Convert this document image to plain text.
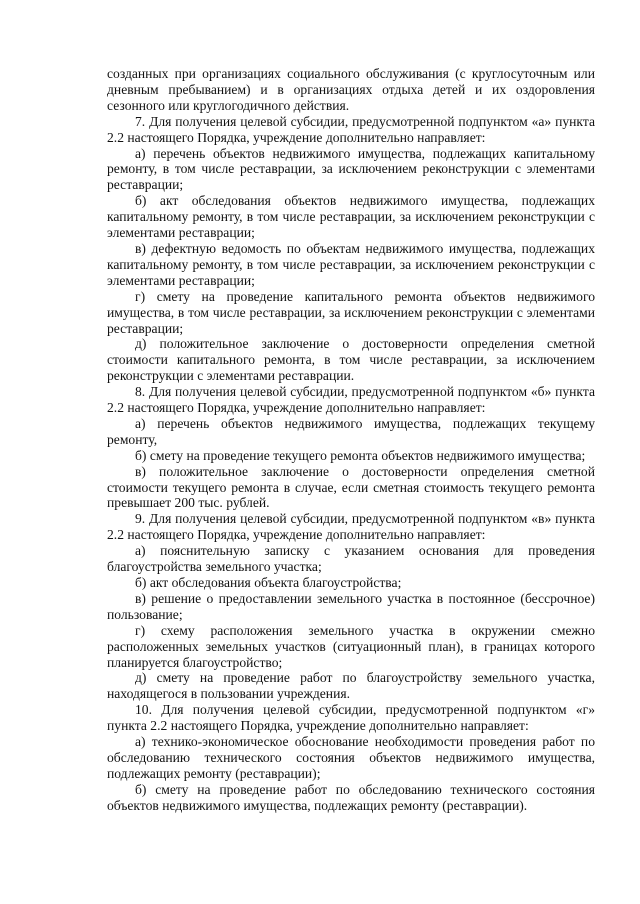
созданных при организациях социального обслуживания (с круглосуточным или дневным пребыванием) и в организациях отдыха детей и их оздоровления сезонного или круглогодичного действия.

7. Для получения целевой субсидии, предусмотренной подпунктом «а» пункта 2.2 настоящего Порядка, учреждение дополнительно направляет:

а) перечень объектов недвижимого имущества, подлежащих капитальному ремонту, в том числе реставрации, за исключением реконструкции с элементами реставрации;

б) акт обследования объектов недвижимого имущества, подлежащих капитальному ремонту, в том числе реставрации, за исключением реконструкции с элементами реставрации;

в) дефектную ведомость по объектам недвижимого имущества, подлежащих капитальному ремонту, в том числе реставрации, за исключением реконструкции с элементами реставрации;

г) смету на проведение капитального ремонта объектов недвижимого имущества, в том числе реставрации, за исключением реконструкции с элементами реставрации;

д) положительное заключение о достоверности определения сметной стоимости капитального ремонта, в том числе реставрации, за исключением реконструкции с элементами реставрации.

8. Для получения целевой субсидии, предусмотренной подпунктом «б» пункта 2.2 настоящего Порядка, учреждение дополнительно направляет:

а) перечень объектов недвижимого имущества, подлежащих текущему ремонту,

б) смету на проведение текущего ремонта объектов недвижимого имущества;

в) положительное заключение о достоверности определения сметной стоимости текущего ремонта в случае, если сметная стоимость текущего ремонта превышает 200 тыс. рублей.

9. Для получения целевой субсидии, предусмотренной подпунктом «в» пункта 2.2 настоящего Порядка, учреждение дополнительно направляет:

а) пояснительную записку с указанием основания для проведения благоустройства земельного участка;

б) акт обследования объекта благоустройства;

в) решение о предоставлении земельного участка в постоянное (бессрочное) пользование;

г) схему расположения земельного участка в окружении смежно расположенных земельных участков (ситуационный план), в границах которого планируется благоустройство;

д) смету на проведение работ по благоустройству земельного участка, находящегося в пользовании учреждения.

10. Для получения целевой субсидии, предусмотренной подпунктом «г» пункта 2.2 настоящего Порядка, учреждение дополнительно направляет:

а) технико-экономическое обоснование необходимости проведения работ по обследованию технического состояния объектов недвижимого имущества, подлежащих ремонту (реставрации);

б) смету на проведение работ по обследованию технического состояния объектов недвижимого имущества, подлежащих ремонту (реставрации).
